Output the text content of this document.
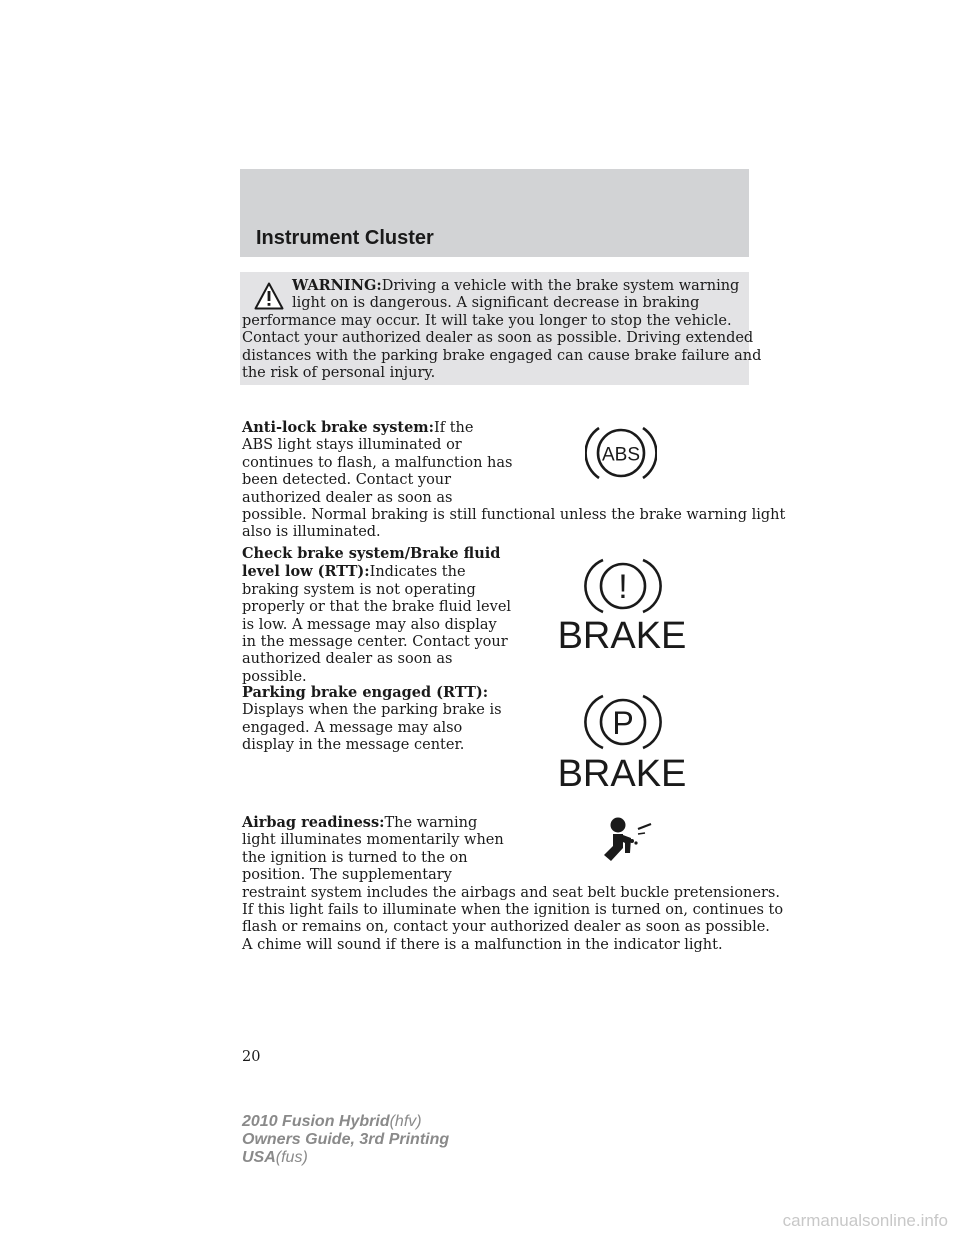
Instrument Cluster
WARNING:Driving a vehicle with the brake system warning
light on is dangerous. A significant decrease in braking
performance may occur. It will take you longer to stop the vehicle.
Contact your authorized dealer as soon as possible. Driving extended
distances with the parking brake engaged can cause brake failure and
the risk of personal injury.
Anti-lock brake system:If the
ABS light stays illuminated or
continues to flash, a malfunction has
been detected. Contact your
authorized dealer as soon as
possible. Normal braking is still functional unless the brake warning light
also is illuminated.
ABS
Check brake system/Brake fluid
level low (RTT):Indicates the
braking system is not operating
properly or that the brake fluid level
is low. A message may also display
in the message center. Contact your
authorized dealer as soon as
possible.
!
BRAKE
Parking brake engaged (RTT):
Displays when the parking brake is
engaged. A message may also
display in the message center.
P
BRAKE
Airbag readiness:The warning
light illuminates momentarily when
the ignition is turned to the on
position. The supplementary
restraint system includes the airbags and seat belt buckle pretensioners.
If this light fails to illuminate when the ignition is turned on, continues to
flash or remains on, contact your authorized dealer as soon as possible.
A chime will sound if there is a malfunction in the indicator light.
20
2010 Fusion Hybrid(hfv)
Owners Guide, 3rd Printing
USA(fus)
carmanualsonline.info
